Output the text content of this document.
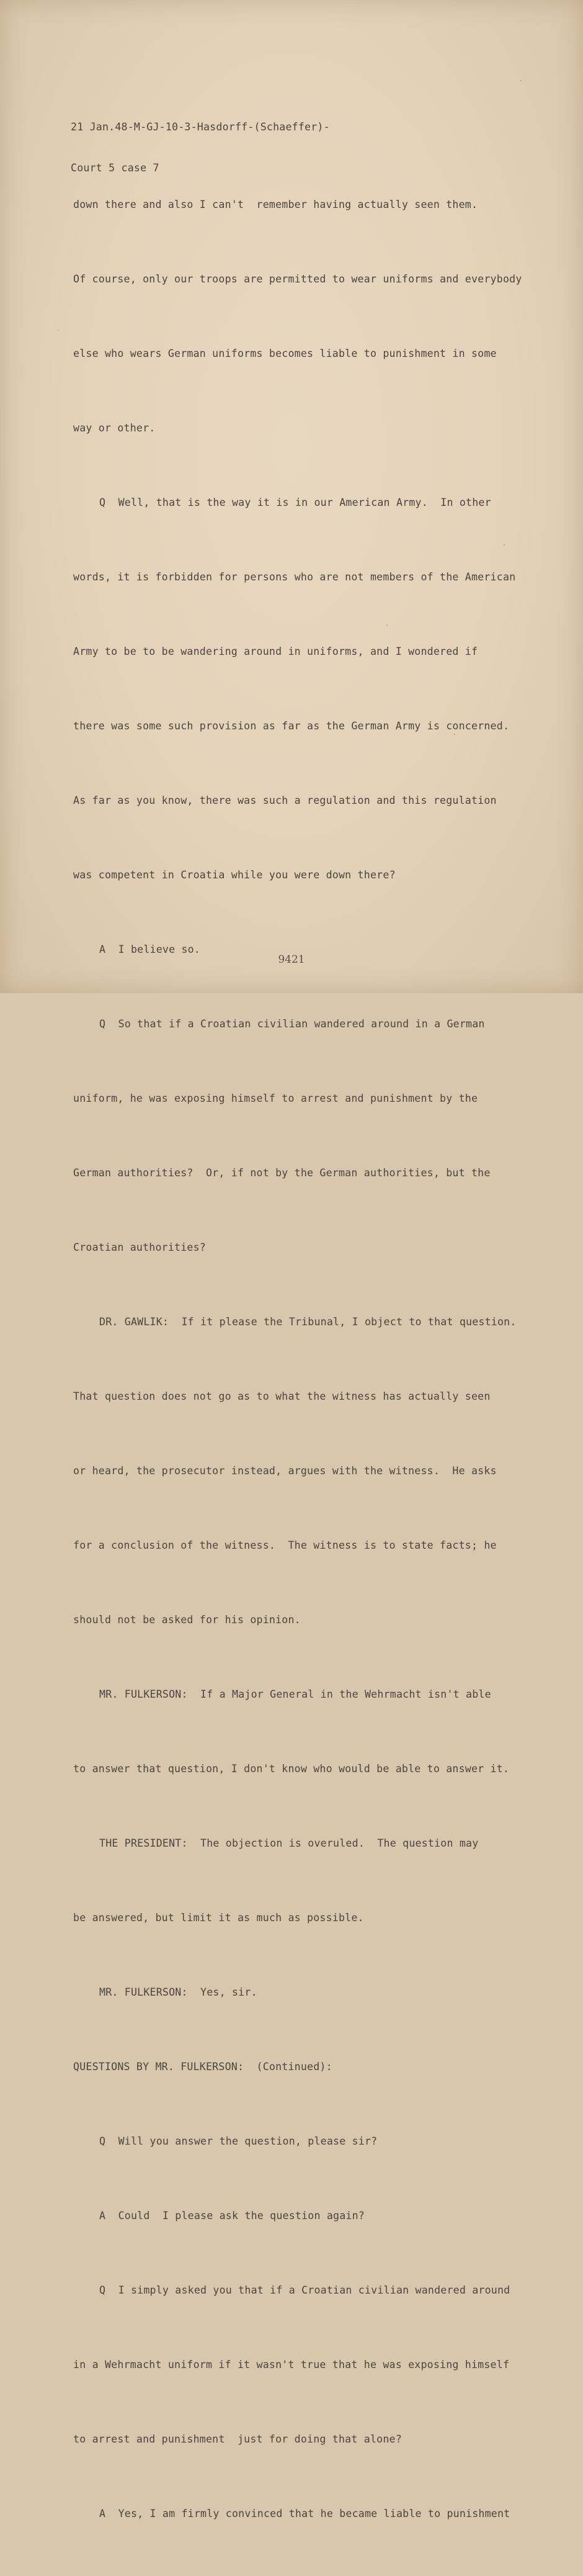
21 Jan.48-M-GJ-10-3-Hasdorff-(Schaeffer)-

Court 5 case 7

down there and also I can't  remember having actually seen them.

Of course, only our troops are permitted to wear uniforms and everybody

else who wears German uniforms becomes liable to punishment in some

way or other.

Q  Well, that is the way it is in our American Army.  In other

words, it is forbidden for persons who are not members of the American

Army to be to be wandering around in uniforms, and I wondered if

there was some such provision as far as the German Army is concerned.

As far as you know, there was such a regulation and this regulation

was competent in Croatia while you were down there?

A  I believe so.

Q  So that if a Croatian civilian wandered around in a German

uniform, he was exposing himself to arrest and punishment by the

German authorities?  Or, if not by the German authorities, but the

Croatian authorities?

DR. GAWLIK:  If it please the Tribunal, I object to that question.

That question does not go as to what the witness has actually seen

or heard, the prosecutor instead, argues with the witness.  He asks

for a conclusion of the witness.  The witness is to state facts; he

should not be asked for his opinion.

MR. FULKERSON:  If a Major General in the Wehrmacht isn't able

to answer that question, I don't know who would be able to answer it.

THE PRESIDENT:  The objection is overuled.  The question may

be answered, but limit it as much as possible.

MR. FULKERSON:  Yes, sir.

QUESTIONS BY MR. FULKERSON:  (Continued):

Q  Will you answer the question, please sir?

A  Could  I please ask the question again?

Q  I simply asked you that if a Croatian civilian wandered around

in a Wehrmacht uniform if it wasn't true that he was exposing himself

to arrest and punishment  just for doing that alone?

A  Yes, I am firmly convinced that he became liable to punishment

9421
